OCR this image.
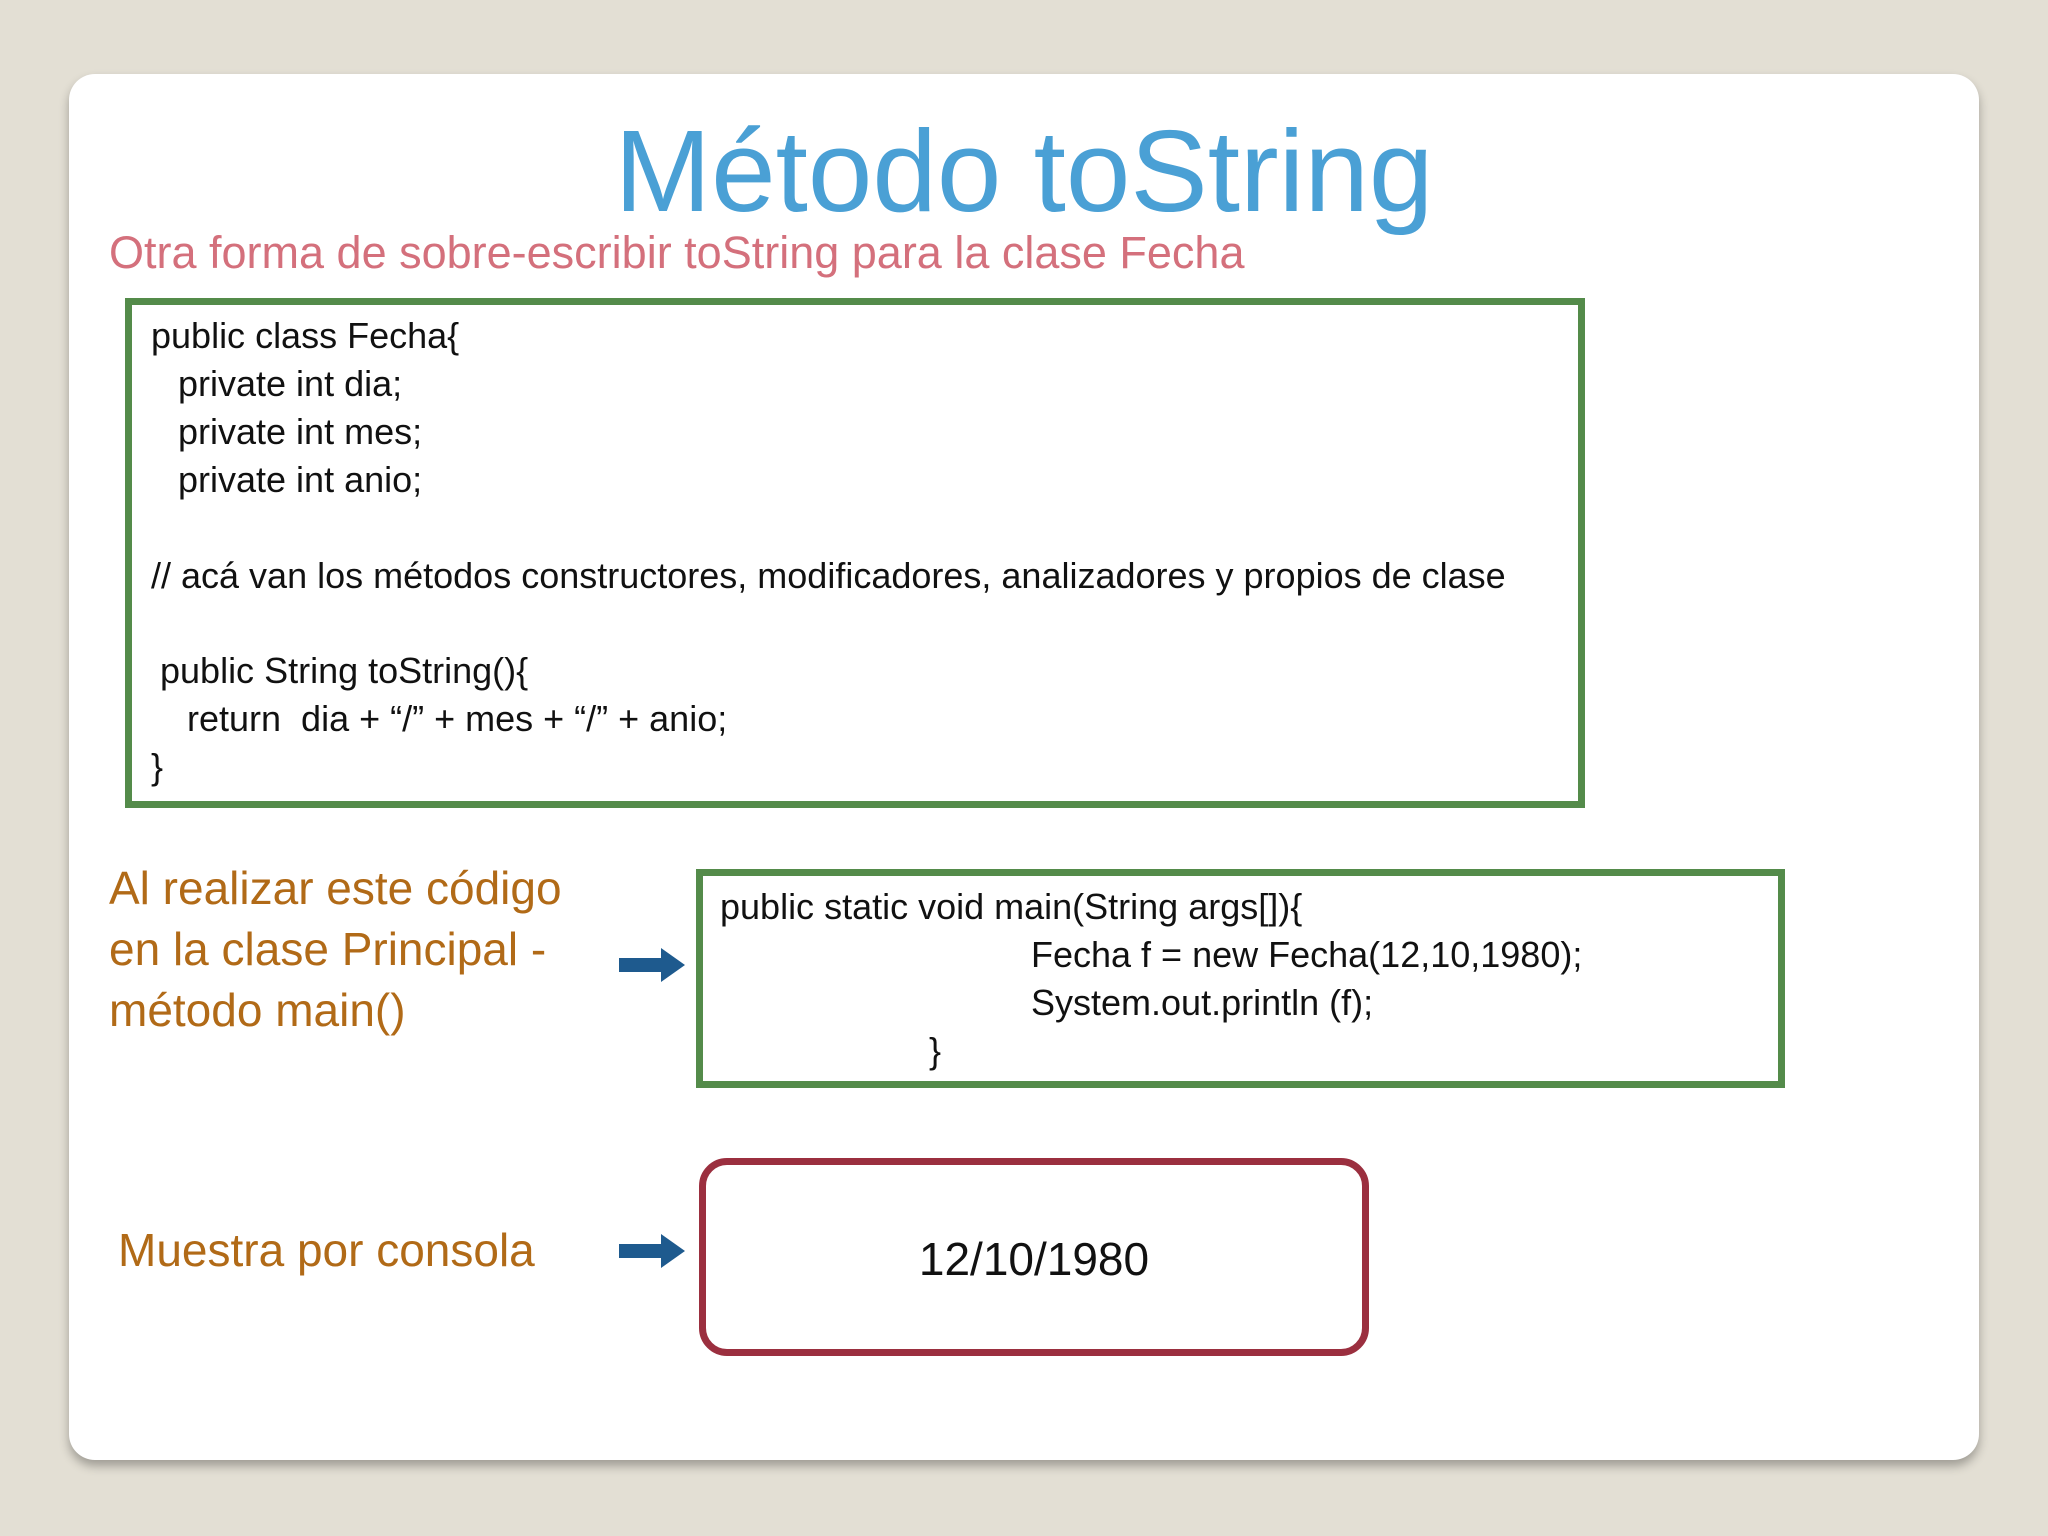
Método toString
Otra forma de sobre-escribir toString para la clase Fecha
public class Fecha{
private int dia;
private int mes;
private int anio;
// acá van los métodos constructores, modificadores, analizadores y propios de clase
public String toString(){
return  dia + “/” + mes + “/” + anio;
}
Al realizar este código
en la clase Principal -
método main()
public static void main(String args[]){
Fecha f = new Fecha(12,10,1980);
System.out.println (f);
}
Muestra por consola	12/10/1980
